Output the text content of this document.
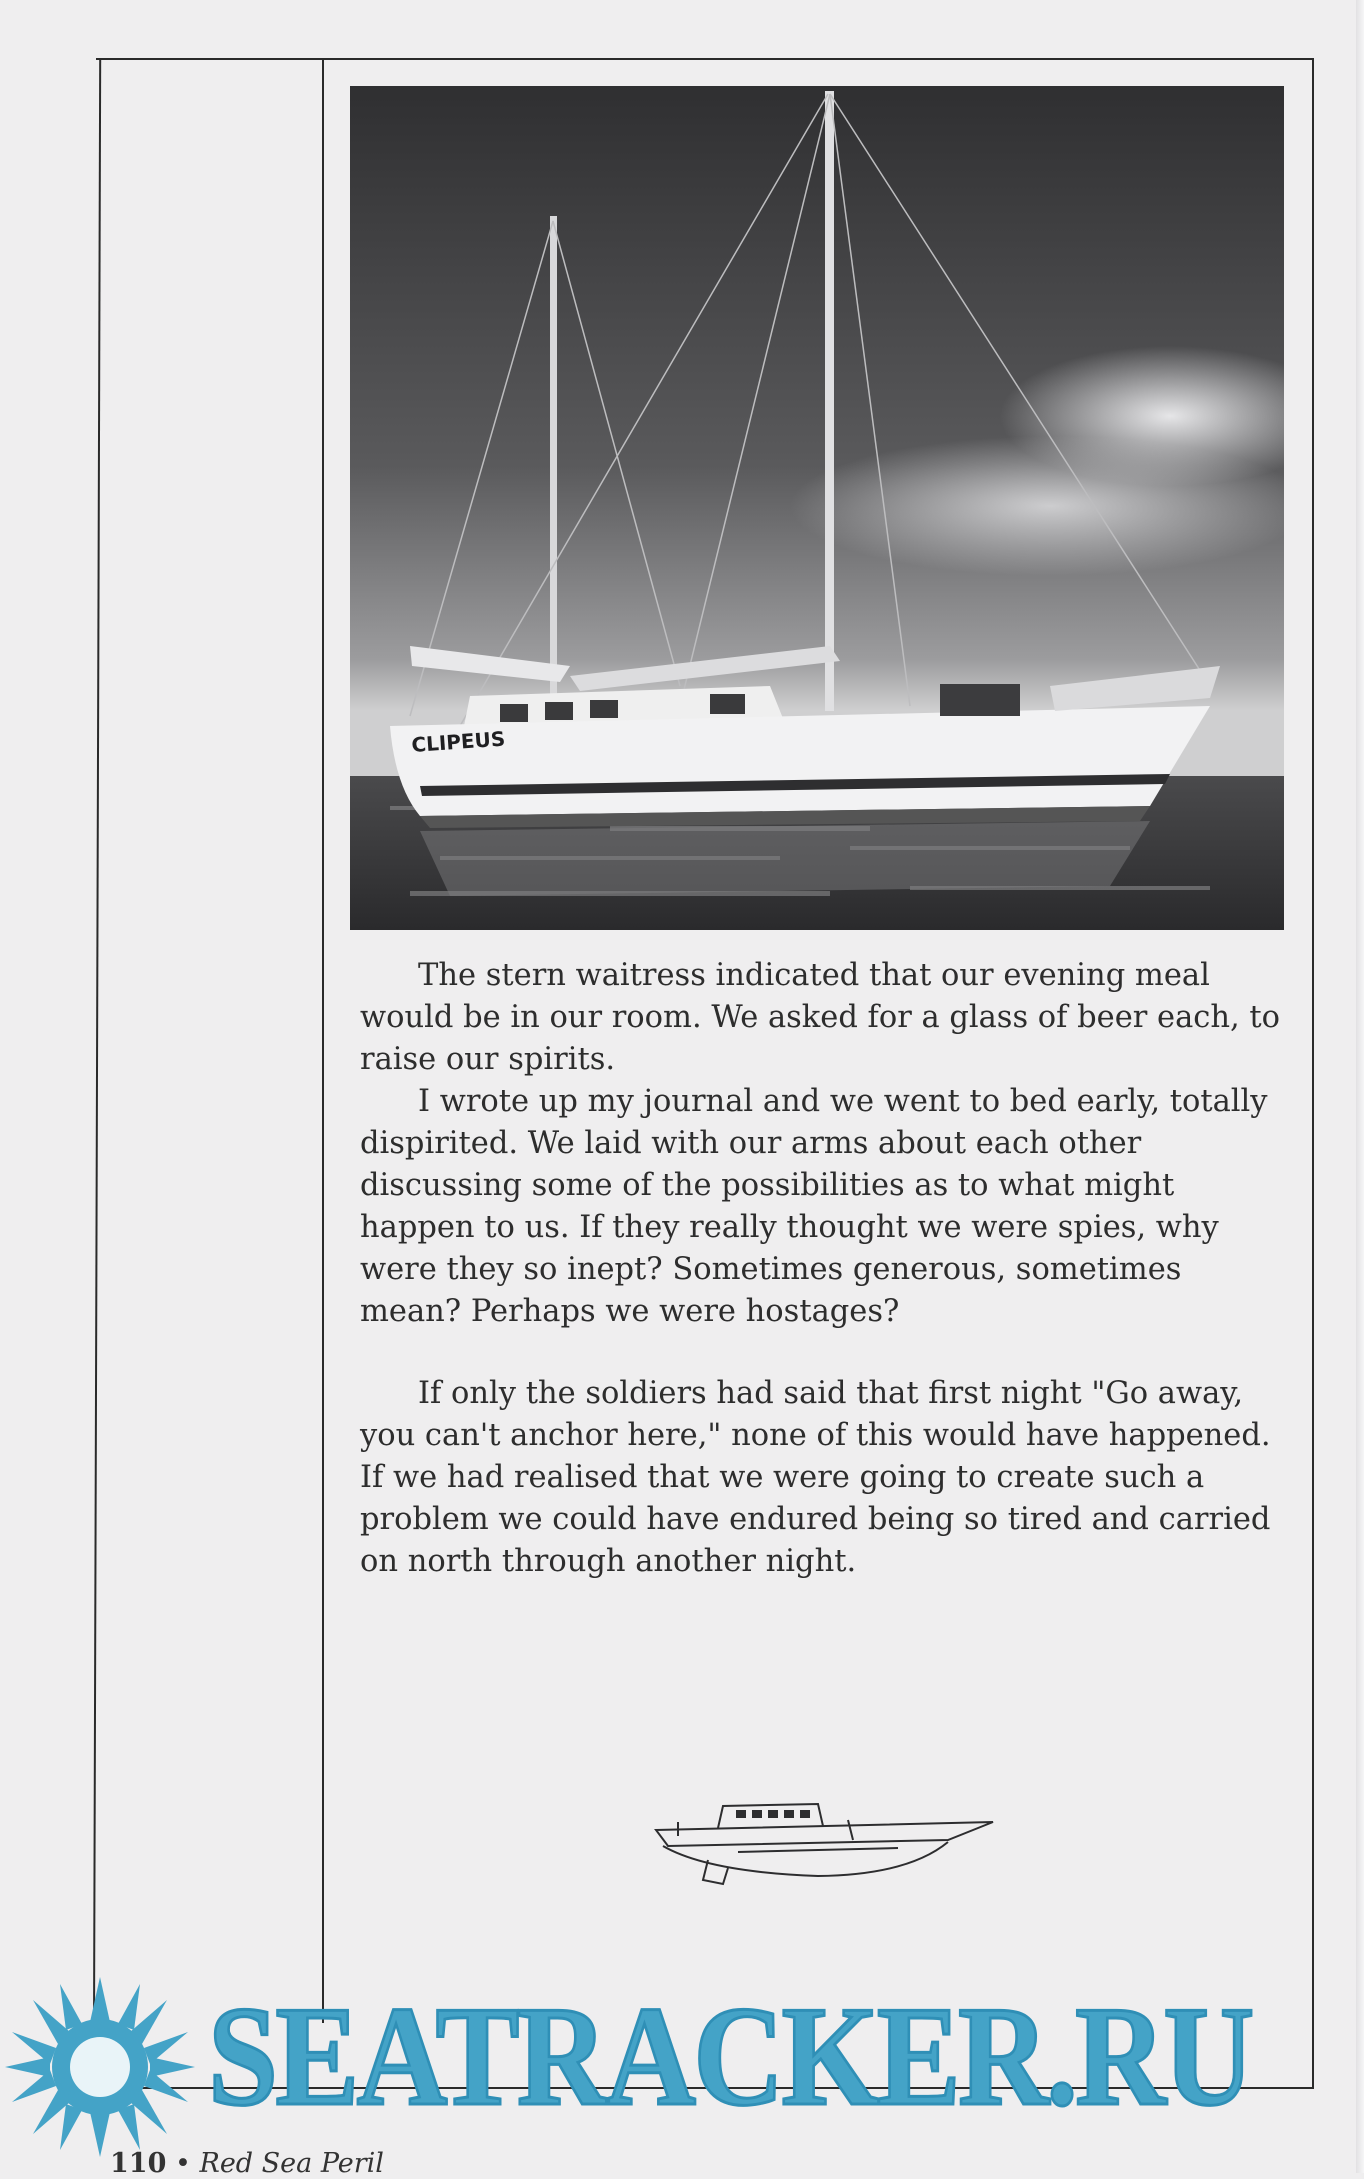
CLIPEUS

The stern waitress indicated that our evening meal would be in our room. We asked for a glass of beer each, to raise our spirits.

I wrote up my journal and we went to bed early, totally dispirited. We laid with our arms about each other discussing some of the possibilities as to what might happen to us. If they really thought we were spies, why were they so inept? Sometimes generous, sometimes mean? Perhaps we were hostages?

If only the soldiers had said that first night "Go away, you can't anchor here," none of this would have happened. If we had realised that we were going to create such a problem we could have endured being so tired and carried on north through another night.

110 • Red Sea Peril
SEATRACKER.RU
